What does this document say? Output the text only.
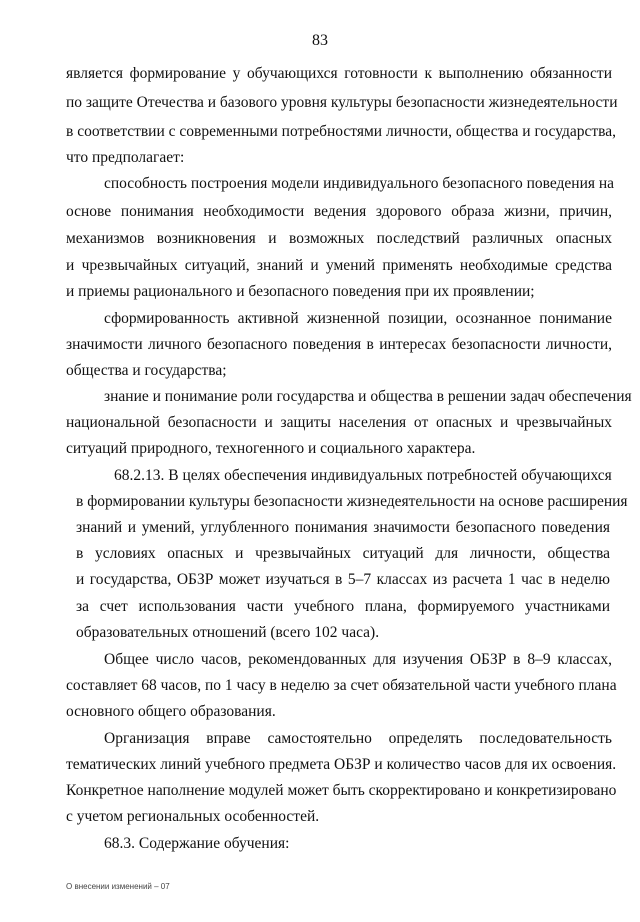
83
является формирование у обучающихся готовности к выполнению обязанности
по защите Отечества и базового уровня культуры безопасности жизнедеятельности
в соответствии с современными потребностями личности, общества и государства,
что предполагает:
способность построения модели индивидуального безопасного поведения на
основе понимания необходимости ведения здорового образа жизни, причин,
механизмов возникновения и возможных последствий различных опасных
и чрезвычайных ситуаций, знаний и умений применять необходимые средства
и приемы рационального и безопасного поведения при их проявлении;
сформированность активной жизненной позиции, осознанное понимание
значимости личного безопасного поведения в интересах безопасности личности,
общества и государства;
знание и понимание роли государства и общества в решении задач обеспечения
национальной безопасности и защиты населения от опасных и чрезвычайных
ситуаций природного, техногенного и социального характера.
68.2.13. В целях обеспечения индивидуальных потребностей обучающихся
в формировании культуры безопасности жизнедеятельности на основе расширения
знаний и умений, углубленного понимания значимости безопасного поведения
в условиях опасных и чрезвычайных ситуаций для личности, общества
и государства, ОБЗР может изучаться в 5–7 классах из расчета 1 час в неделю
за счет использования части учебного плана, формируемого участниками
образовательных отношений (всего 102 часа).
Общее число часов, рекомендованных для изучения ОБЗР в 8–9 классах,
составляет 68 часов, по 1 часу в неделю за счет обязательной части учебного плана
основного общего образования.
Организация вправе самостоятельно определять последовательность
тематических линий учебного предмета ОБЗР и количество часов для их освоения.
Конкретное наполнение модулей может быть скорректировано и конкретизировано
с учетом региональных особенностей.
68.3. Содержание обучения:
О внесении изменений – 07
